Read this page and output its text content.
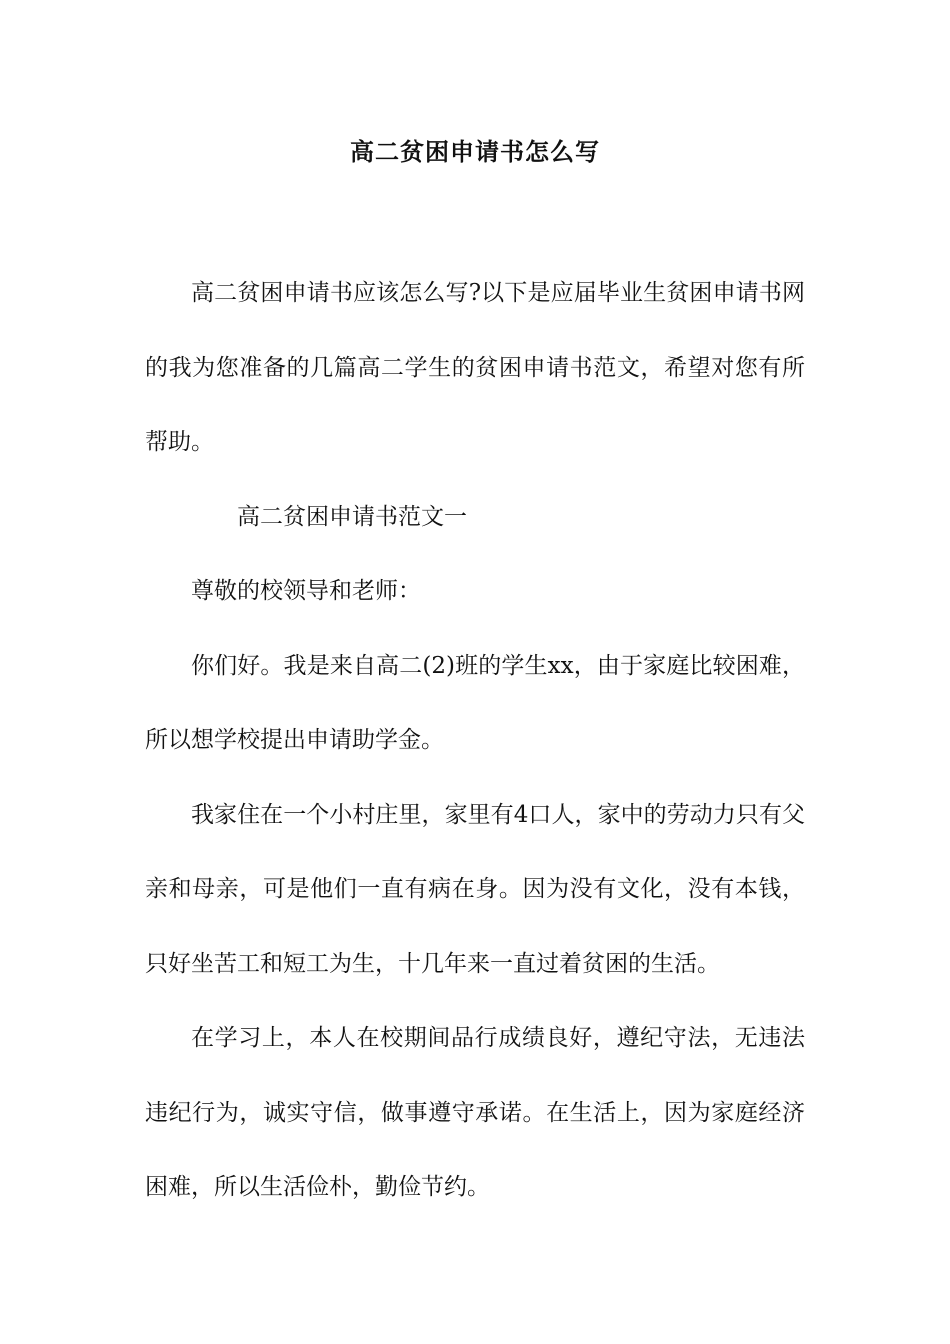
高二贫困申请书怎么写

高二贫困申请书应该怎么写?以下是应届毕业生贫困申请书网的我为您准备的几篇高二学生的贫困申请书范文，希望对您有所帮助。

高二贫困申请书范文一

尊敬的校领导和老师：

你们好。我是来自高二(2)班的学生xx，由于家庭比较困难，所以想学校提出申请助学金。

我家住在一个小村庄里，家里有4口人，家中的劳动力只有父亲和母亲，可是他们一直有病在身。因为没有文化，没有本钱，只好坐苦工和短工为生，十几年来一直过着贫困的生活。

在学习上，本人在校期间品行成绩良好，遵纪守法，无违法违纪行为，诚实守信，做事遵守承诺。在生活上，因为家庭经济困难，所以生活俭朴，勤俭节约。
